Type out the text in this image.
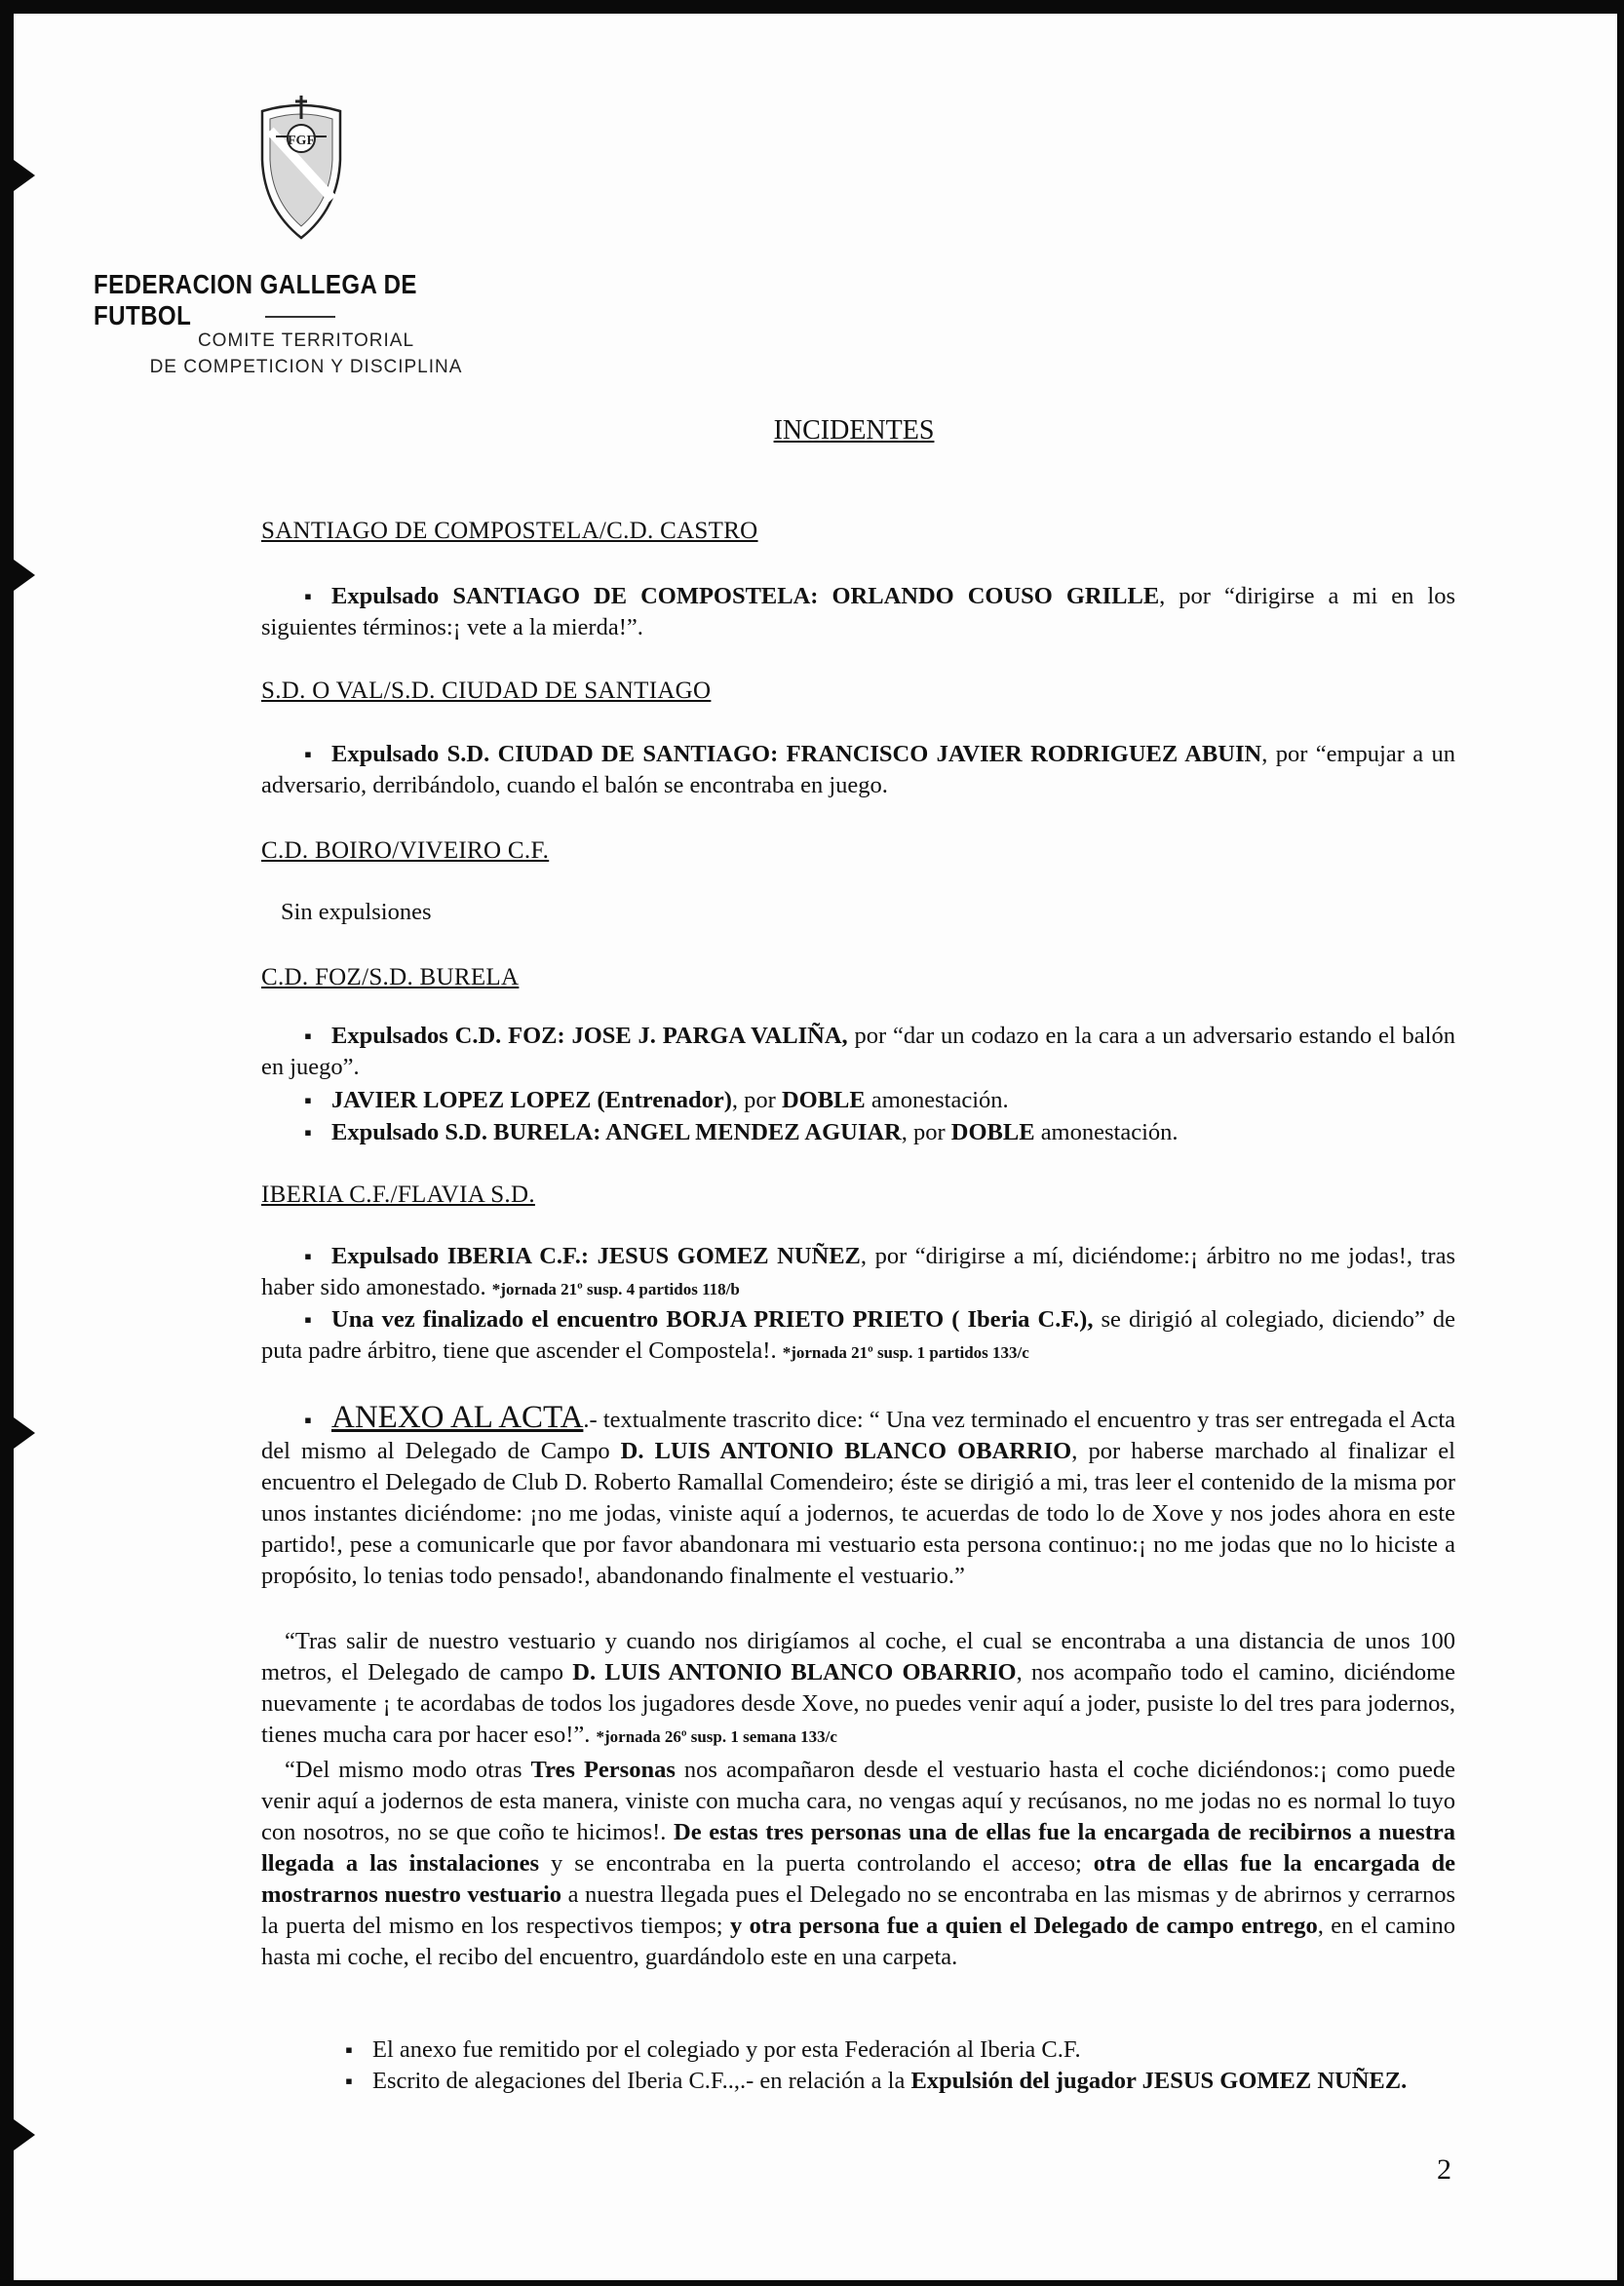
FGF
FEDERACION GALLEGA DE FUTBOL
COMITE TERRITORIAL
DE COMPETICION Y DISCIPLINA
INCIDENTES
SANTIAGO DE COMPOSTELA/C.D. CASTRO
▪ Expulsado SANTIAGO DE COMPOSTELA: ORLANDO COUSO GRILLE, por “dirigirse a mi en los siguientes términos:¡ vete a la mierda!”.
S.D. O VAL/S.D. CIUDAD DE SANTIAGO
▪ Expulsado S.D. CIUDAD DE SANTIAGO: FRANCISCO JAVIER RODRIGUEZ ABUIN, por “empujar a un adversario, derribándolo, cuando el balón se encontraba en juego.
C.D. BOIRO/VIVEIRO C.F.
Sin expulsiones
C.D. FOZ/S.D. BURELA
▪ Expulsados C.D. FOZ: JOSE J. PARGA VALIÑA, por “dar un codazo en la cara a un adversario estando el balón en juego”.
▪ JAVIER LOPEZ LOPEZ (Entrenador), por DOBLE amonestación.
▪ Expulsado S.D. BURELA: ANGEL MENDEZ AGUIAR, por DOBLE amonestación.
IBERIA C.F./FLAVIA S.D.
▪ Expulsado IBERIA C.F.: JESUS GOMEZ NUÑEZ, por “dirigirse a mí, diciéndome:¡ árbitro no me jodas!, tras haber sido amonestado. *jornada 21º susp. 4 partidos 118/b
▪ Una vez finalizado el encuentro BORJA PRIETO PRIETO ( Iberia C.F.), se dirigió al colegiado, diciendo” de puta padre árbitro, tiene que ascender el Compostela!. *jornada 21º susp. 1 partidos 133/c
▪ ANEXO AL ACTA.- textualmente trascrito dice: “ Una vez terminado el encuentro y tras ser entregada el Acta del mismo al Delegado de Campo D. LUIS ANTONIO BLANCO OBARRIO, por haberse marchado al finalizar el encuentro el Delegado de Club D. Roberto Ramallal Comendeiro; éste se dirigió a mi, tras leer el contenido de la misma por unos instantes diciéndome: ¡no me jodas, viniste aquí a jodernos, te acuerdas de todo lo de Xove y nos jodes ahora en este partido!, pese a comunicarle que por favor abandonara mi vestuario esta persona continuo:¡ no me jodas que no lo hiciste a propósito, lo tenias todo pensado!, abandonando finalmente el vestuario.”
“Tras salir de nuestro vestuario y cuando nos dirigíamos al coche, el cual se encontraba a una distancia de unos 100 metros, el Delegado de campo D. LUIS ANTONIO BLANCO OBARRIO, nos acompaño todo el camino, diciéndome nuevamente ¡ te acordabas de todos los jugadores desde Xove, no puedes venir aquí a joder, pusiste lo del tres para jodernos, tienes mucha cara por hacer eso!”. *jornada 26º susp. 1 semana 133/c
“Del mismo modo otras Tres Personas nos acompañaron desde el vestuario hasta el coche diciéndonos:¡ como puede venir aquí a jodernos de esta manera, viniste con mucha cara, no vengas aquí y recúsanos, no me jodas no es normal lo tuyo con nosotros, no se que coño te hicimos!. De estas tres personas una de ellas fue la encargada de recibirnos a nuestra llegada a las instalaciones y se encontraba en la puerta controlando el acceso; otra de ellas fue la encargada de mostrarnos nuestro vestuario a nuestra llegada pues el Delegado no se encontraba en las mismas y de abrirnos y cerrarnos la puerta del mismo en los respectivos tiempos; y otra persona fue a quien el Delegado de campo entrego, en el camino hasta mi coche, el recibo del encuentro, guardándolo este en una carpeta.
▪ El anexo fue remitido por el colegiado y por esta Federación al Iberia C.F.
▪ Escrito de alegaciones del Iberia C.F..,.- en relación a la Expulsión del jugador JESUS GOMEZ NUÑEZ.
2
